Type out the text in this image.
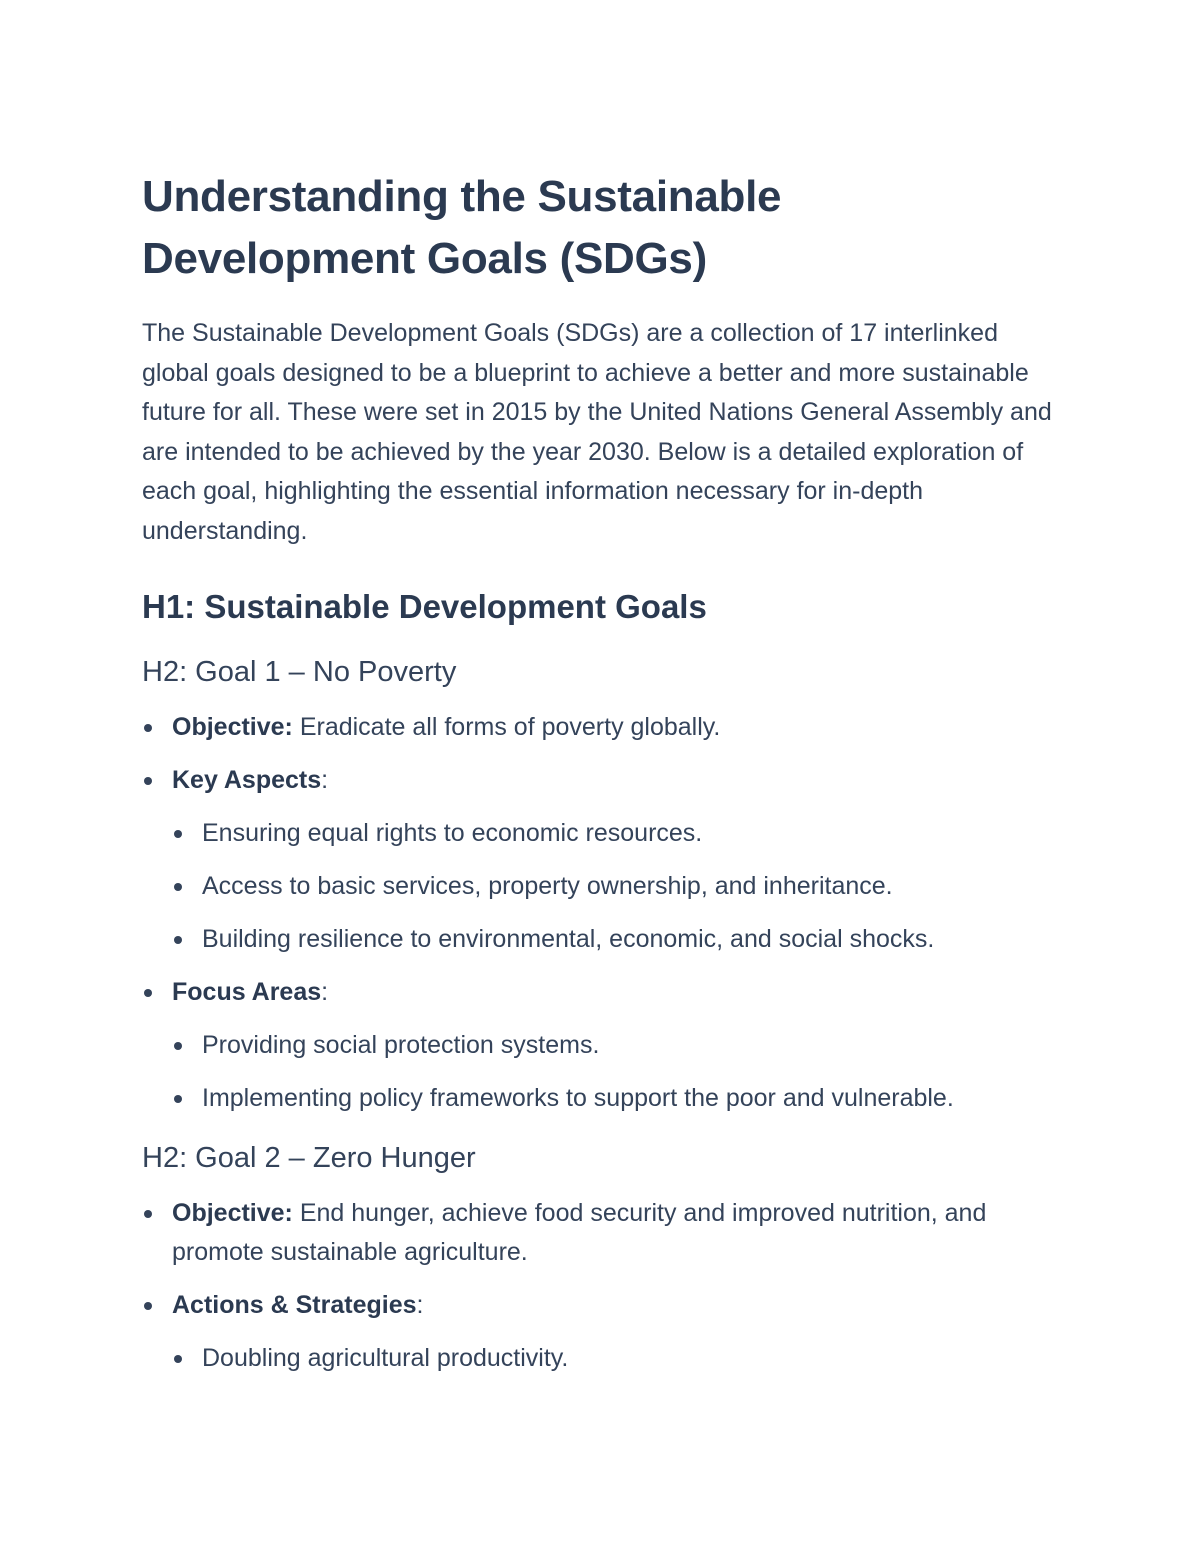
Understanding the Sustainable Development Goals (SDGs)

The Sustainable Development Goals (SDGs) are a collection of 17 interlinked global goals designed to be a blueprint to achieve a better and more sustainable future for all. These were set in 2015 by the United Nations General Assembly and are intended to be achieved by the year 2030. Below is a detailed exploration of each goal, highlighting the essential information necessary for in-depth understanding.

H1: Sustainable Development Goals
H2: Goal 1 – No Poverty
Objective: Eradicate all forms of poverty globally.
Key Aspects:
Ensuring equal rights to economic resources.
Access to basic services, property ownership, and inheritance.
Building resilience to environmental, economic, and social shocks.
Focus Areas:
Providing social protection systems.
Implementing policy frameworks to support the poor and vulnerable.
H2: Goal 2 – Zero Hunger
Objective: End hunger, achieve food security and improved nutrition, and promote sustainable agriculture.
Actions & Strategies:
Doubling agricultural productivity.
